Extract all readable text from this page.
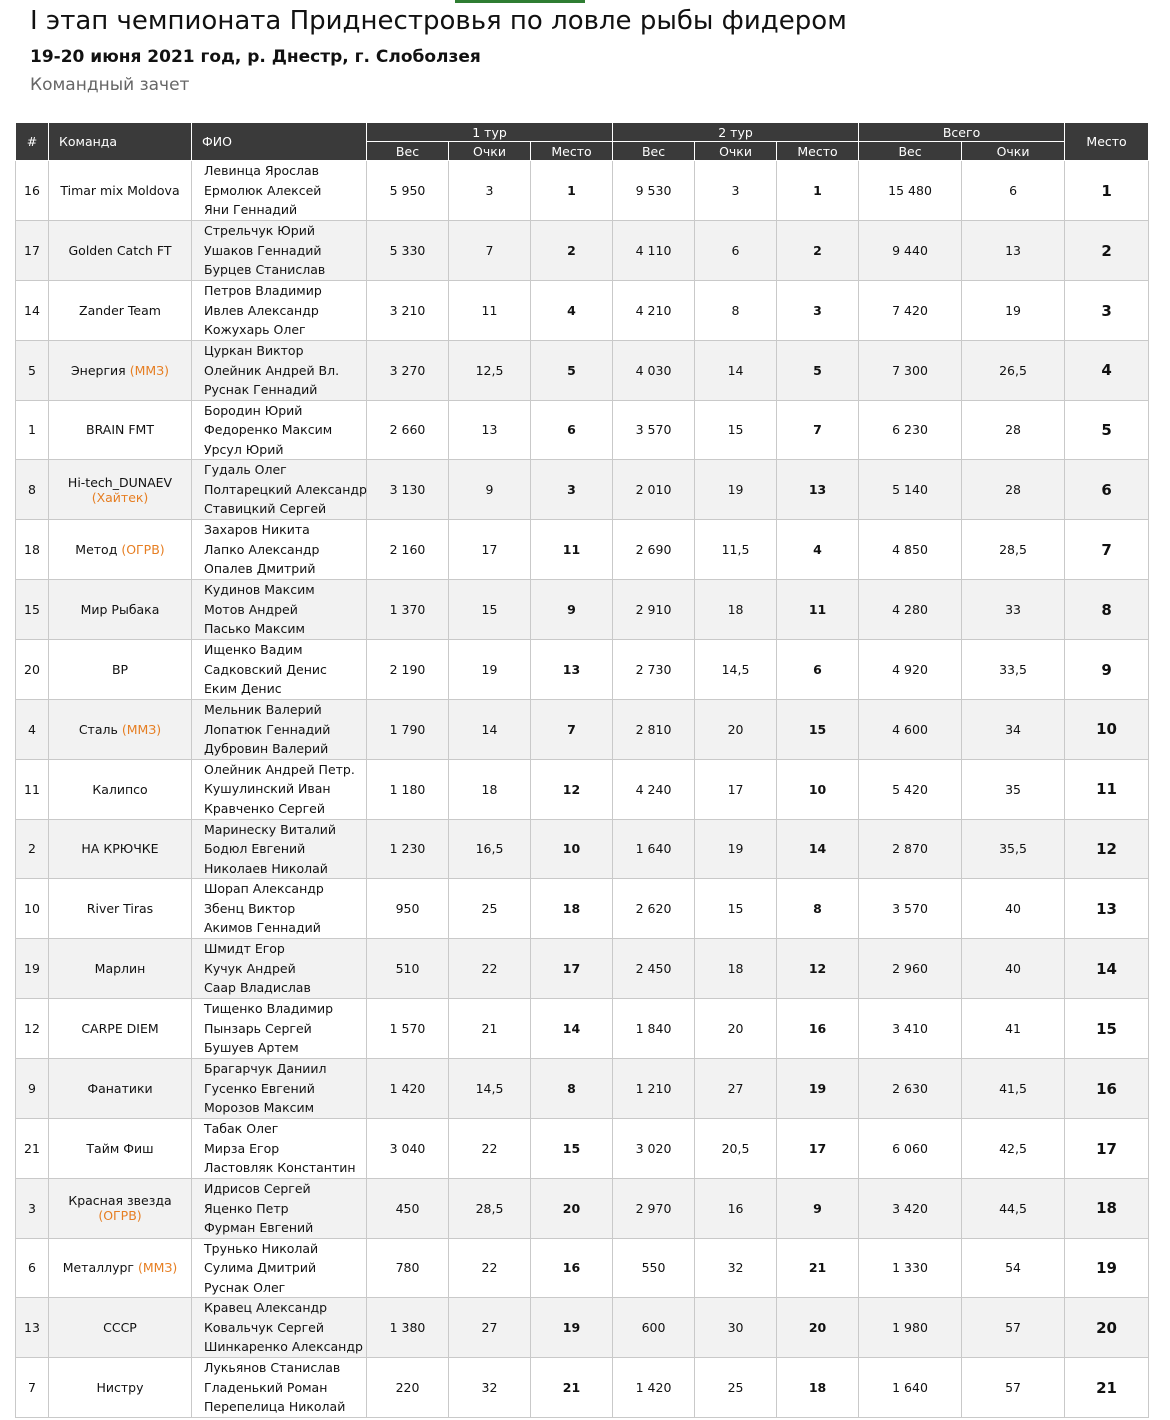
I этап чемпионата Приднестровья по ловле рыбы фидером
19-20 июня 2021 год, р. Днестр, г. Слоболзея
Командный зачет
#	Команда	ФИО	1 тур			2 тур			Всего		Место
			Вес	Очки	Место	Вес	Очки	Место	Вес	Очки	
16	Timar mix Moldova	Левинца Ярослав
Ермолюк Алексей
Яни Геннадий	5 950	3	1	9 530	3	1	15 480	6	1
17	Golden Catch FT	Стрельчук Юрий
Ушаков Геннадий
Бурцев Станислав	5 330	7	2	4 110	6	2	9 440	13	2
14	Zander Team	Петров Владимир
Ивлев Александр
Кожухарь Олег	3 210	11	4	4 210	8	3	7 420	19	3
5	Энергия (ММЗ)	Цуркан Виктор
Олейник Андрей Вл.
Руснак Геннадий	3 270	12,5	5	4 030	14	5	7 300	26,5	4
1	BRAIN FMT	Бородин Юрий
Федоренко Максим
Урсул Юрий	2 660	13	6	3 570	15	7	6 230	28	5
8	Hi-tech_DUNAEV
(Хайтек)	Гудаль Олег
Полтарецкий Александр
Ставицкий Сергей	3 130	9	3	2 010	19	13	5 140	28	6
18	Метод (ОГРВ)	Захаров Никита
Лапко Александр
Опалев Дмитрий	2 160	17	11	2 690	11,5	4	4 850	28,5	7
15	Мир Рыбака	Кудинов Максим
Мотов Андрей
Пасько Максим	1 370	15	9	2 910	18	11	4 280	33	8
20	BP	Ищенко Вадим
Садковский Денис
Еким Денис	2 190	19	13	2 730	14,5	6	4 920	33,5	9
4	Сталь (ММЗ)	Мельник Валерий
Лопатюк Геннадий
Дубровин Валерий	1 790	14	7	2 810	20	15	4 600	34	10
11	Калипсо	Олейник Андрей Петр.
Кушулинский Иван
Кравченко Сергей	1 180	18	12	4 240	17	10	5 420	35	11
2	НА КРЮЧКЕ	Маринеску Виталий
Бодюл Евгений
Николаев Николай	1 230	16,5	10	1 640	19	14	2 870	35,5	12
10	River Tiras	Шорап Александр
Збенц Виктор
Акимов Геннадий	950	25	18	2 620	15	8	3 570	40	13
19	Марлин	Шмидт Егор
Кучук Андрей
Саар Владислав	510	22	17	2 450	18	12	2 960	40	14
12	CARPE DIEM	Тищенко Владимир
Пынзарь Сергей
Бушуев Артем	1 570	21	14	1 840	20	16	3 410	41	15
9	Фанатики	Брагарчук Даниил
Гусенко Евгений
Морозов Максим	1 420	14,5	8	1 210	27	19	2 630	41,5	16
21	Тайм Фиш	Табак Олег
Мирза Егор
Ластовляк Константин	3 040	22	15	3 020	20,5	17	6 060	42,5	17
3	Красная звезда
(ОГРВ)	Идрисов Сергей
Яценко Петр
Фурман Евгений	450	28,5	20	2 970	16	9	3 420	44,5	18
6	Металлург (ММЗ)	Трунько Николай
Сулима Дмитрий
Руснак Олег	780	22	16	550	32	21	1 330	54	19
13	СССР	Кравец Александр
Ковальчук Сергей
Шинкаренко Александр	1 380	27	19	600	30	20	1 980	57	20
7	Нистру	Лукьянов Станислав
Гладенький Роман
Перепелица Николай	220	32	21	1 420	25	18	1 640	57	21
